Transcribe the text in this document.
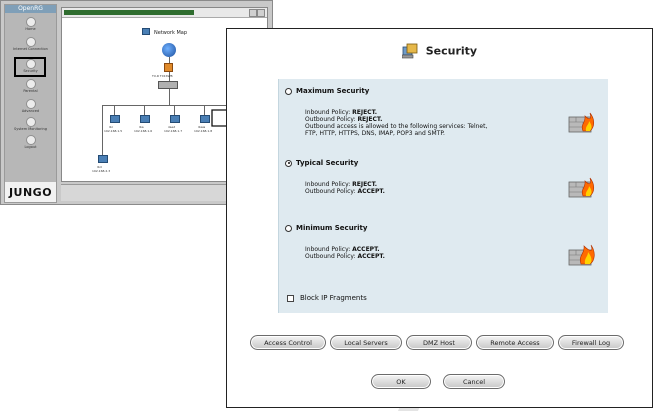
OpenRG
Home
Internet Connection
Security
Parental
Advanced
System Monitoring
Logout
JUNGO
Network Map
TX-R TX1SWB
lbr
192.168.1.5
lba
192.168.1.6
ilaed
192.168.1.7
lbaia
192.168.1.8
lbd
192.168.2.3
Security
Maximum Security
Inbound Policy: REJECT.
Outbound Policy: REJECT.
Outbound access is allowed to the following services: Telnet,
FTP, HTTP, HTTPS, DNS, IMAP, POP3 and SMTP.
Typical Security
Inbound Policy: REJECT.
Outbound Policy: ACCEPT.
Minimum Security
Inbound Policy: ACCEPT.
Outbound Policy: ACCEPT.
Block IP Fragments
Access Control	Local Servers	DMZ Host	Remote Access	Firewall Log
OK	Cancel
